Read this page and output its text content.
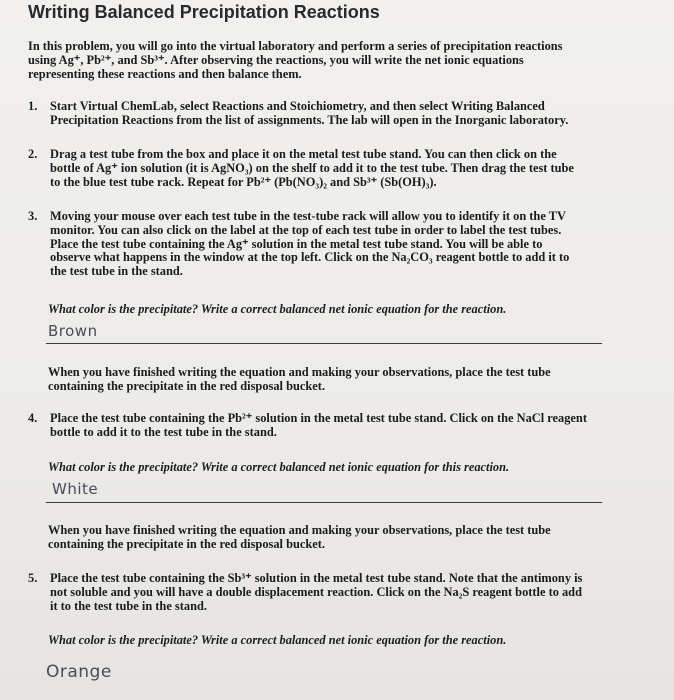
Writing Balanced Precipitation Reactions
In this problem, you will go into the virtual laboratory and perform a series of precipitation reactions
using Ag⁺, Pb²⁺, and Sb³⁺. After observing the reactions, you will write the net ionic equations
representing these reactions and then balance them.
1. Start Virtual ChemLab, select Reactions and Stoichiometry, and then select Writing Balanced
Precipitation Reactions from the list of assignments. The lab will open in the Inorganic laboratory.
2. Drag a test tube from the box and place it on the metal test tube stand. You can then click on the
bottle of Ag⁺ ion solution (it is AgNO₃) on the shelf to add it to the test tube. Then drag the test tube
to the blue test tube rack. Repeat for Pb²⁺ (Pb(NO₃)₂ and Sb³⁺ (Sb(OH)₃).
3. Moving your mouse over each test tube in the test-tube rack will allow you to identify it on the TV
monitor. You can also click on the label at the top of each test tube in order to label the test tubes.
Place the test tube containing the Ag⁺ solution in the metal test tube stand. You will be able to
observe what happens in the window at the top left. Click on the Na₂CO₃ reagent bottle to add it to
the test tube in the stand.
What color is the precipitate? Write a correct balanced net ionic equation for the reaction.
Brown
When you have finished writing the equation and making your observations, place the test tube
containing the precipitate in the red disposal bucket.
4. Place the test tube containing the Pb²⁺ solution in the metal test tube stand. Click on the NaCl reagent
bottle to add it to the test tube in the stand.
What color is the precipitate? Write a correct balanced net ionic equation for this reaction.
White
When you have finished writing the equation and making your observations, place the test tube
containing the precipitate in the red disposal bucket.
5. Place the test tube containing the Sb³⁺ solution in the metal test tube stand. Note that the antimony is
not soluble and you will have a double displacement reaction. Click on the Na₂S reagent bottle to add
it to the test tube in the stand.
What color is the precipitate? Write a correct balanced net ionic equation for the reaction.
Orange
